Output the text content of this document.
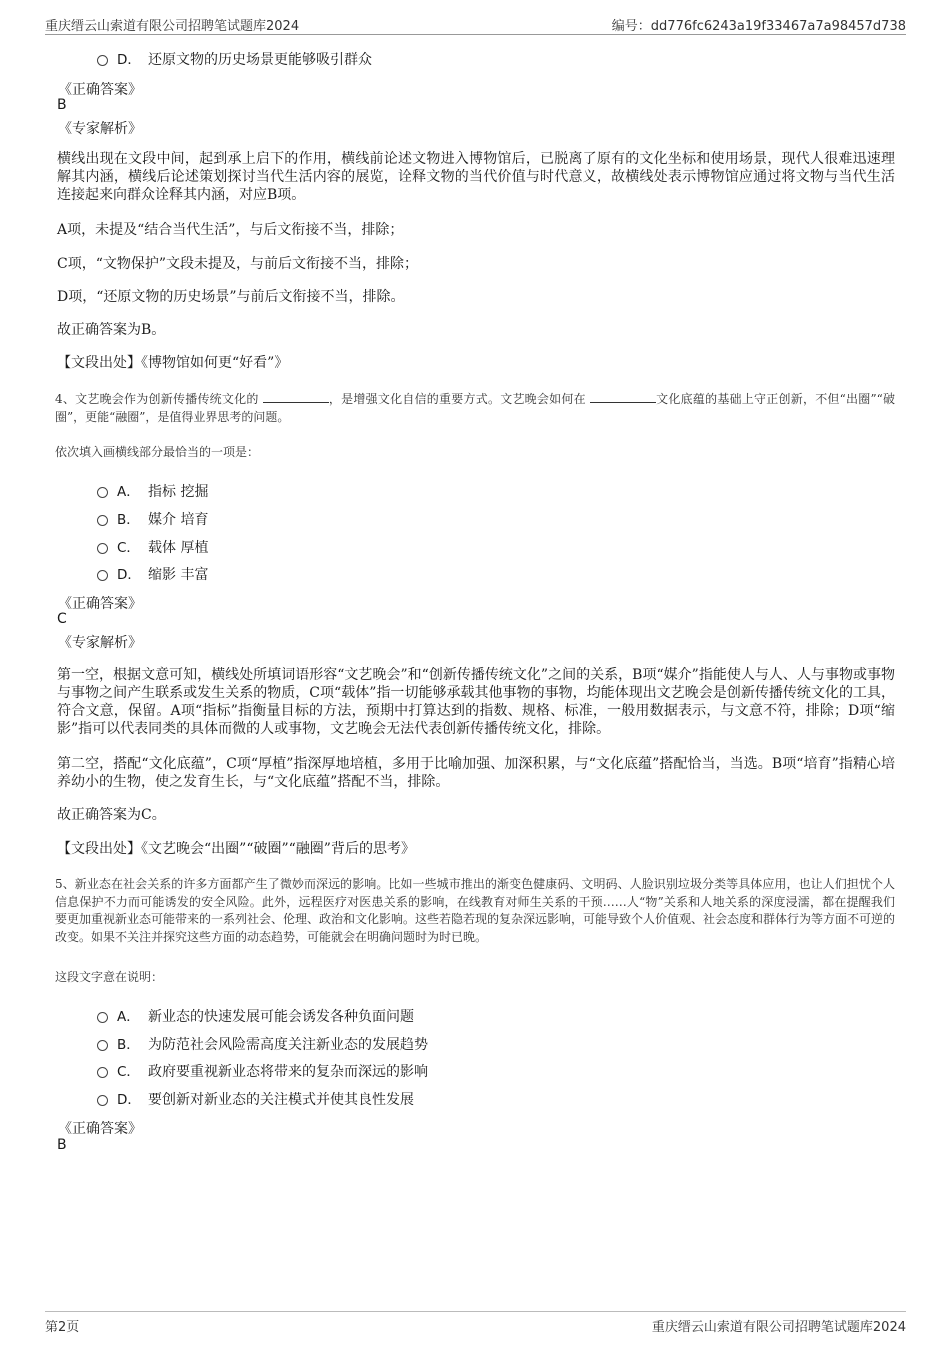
重庆缙云山索道有限公司招聘笔试题库2024	编号：dd776fc6243a19f33467a7a98457d738
D． 还原文物的历史场景更能够吸引群众
《正确答案》
B
《专家解析》
横线出现在文段中间，起到承上启下的作用，横线前论述文物进入博物馆后，已脱离了原有的文化坐标和使用场景，现代人很难迅速理解其内涵，横线后论述策划探讨当代生活内容的展览，诠释文物的当代价值与时代意义，故横线处表示博物馆应通过将文物与当代生活连接起来向群众诠释其内涵，对应B项。
A项，未提及“结合当代生活”，与后文衔接不当，排除；
C项，“文物保护”文段未提及，与前后文衔接不当，排除；
D项，“还原文物的历史场景”与前后文衔接不当，排除。
故正确答案为B。
【文段出处】《博物馆如何更“好看”》
4、文艺晚会作为创新传播传统文化的	，是增强文化自信的重要方式。文艺晚会如何在	文化底蕴的基础上守正创新，不但“出圈”“破圈”，更能“融圈”，是值得业界思考的问题。
依次填入画横线部分最恰当的一项是：
A． 指标 挖掘
B． 媒介 培育
C． 载体 厚植
D． 缩影 丰富
《正确答案》
C
《专家解析》
第一空，根据文意可知，横线处所填词语形容“文艺晚会”和“创新传播传统文化”之间的关系，B项“媒介”指能使人与人、人与事物或事物与事物之间产生联系或发生关系的物质，C项“载体”指一切能够承载其他事物的事物，均能体现出文艺晚会是创新传播传统文化的工具，符合文意，保留。A项“指标”指衡量目标的方法，预期中打算达到的指数、规格、标准，一般用数据表示，与文意不符，排除；D项“缩影”指可以代表同类的具体而微的人或事物，文艺晚会无法代表创新传播传统文化，排除。
第二空，搭配“文化底蕴”，C项“厚植”指深厚地培植，多用于比喻加强、加深积累，与“文化底蕴”搭配恰当，当选。B项“培育”指精心培养幼小的生物，使之发育生长，与“文化底蕴”搭配不当，排除。
故正确答案为C。
【文段出处】《文艺晚会“出圈”“破圈”“融圈”背后的思考》
5、新业态在社会关系的许多方面都产生了微妙而深远的影响。比如一些城市推出的渐变色健康码、文明码、人脸识别垃圾分类等具体应用，也让人们担忧个人信息保护不力而可能诱发的安全风险。此外，远程医疗对医患关系的影响，在线教育对师生关系的干预……人“物”关系和人地关系的深度浸濡，都在提醒我们要更加重视新业态可能带来的一系列社会、伦理、政治和文化影响。这些若隐若现的复杂深远影响，可能导致个人价值观、社会态度和群体行为等方面不可逆的改变。如果不关注并探究这些方面的动态趋势，可能就会在明确问题时为时已晚。
这段文字意在说明：
A． 新业态的快速发展可能会诱发各种负面问题
B． 为防范社会风险需高度关注新业态的发展趋势
C． 政府要重视新业态将带来的复杂而深远的影响
D． 要创新对新业态的关注模式并使其良性发展
《正确答案》
B
第2页	重庆缙云山索道有限公司招聘笔试题库2024
